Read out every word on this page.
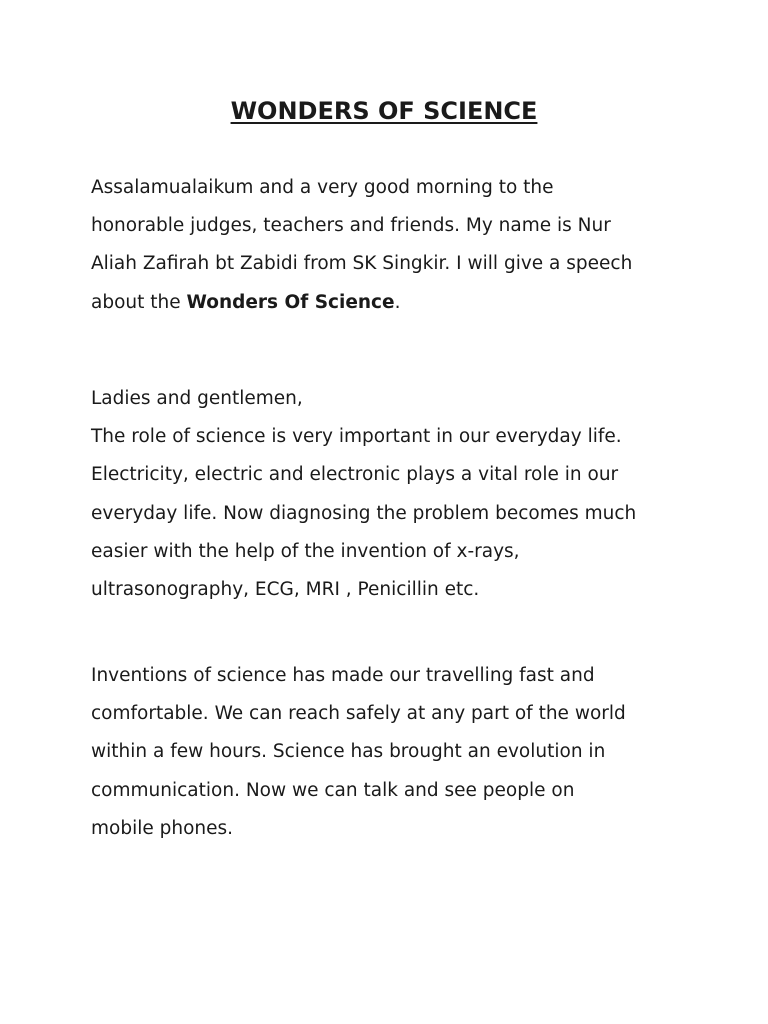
WONDERS OF SCIENCE

Assalamualaikum and a very good morning to the
honorable judges, teachers and friends. My name is Nur
Aliah Zafirah bt Zabidi from SK Singkir. I will give a speech
about the Wonders Of Science.

Ladies and gentlemen,
The role of science is very important in our everyday life.
Electricity, electric and electronic plays a vital role in our
everyday life. Now diagnosing the problem becomes much
easier with the help of the invention of x-rays,
ultrasonography, ECG, MRI , Penicillin etc.

Inventions of science has made our travelling fast and
comfortable. We can reach safely at any part of the world
within a few hours. Science has brought an evolution in
communication. Now we can talk and see people on
mobile phones.
